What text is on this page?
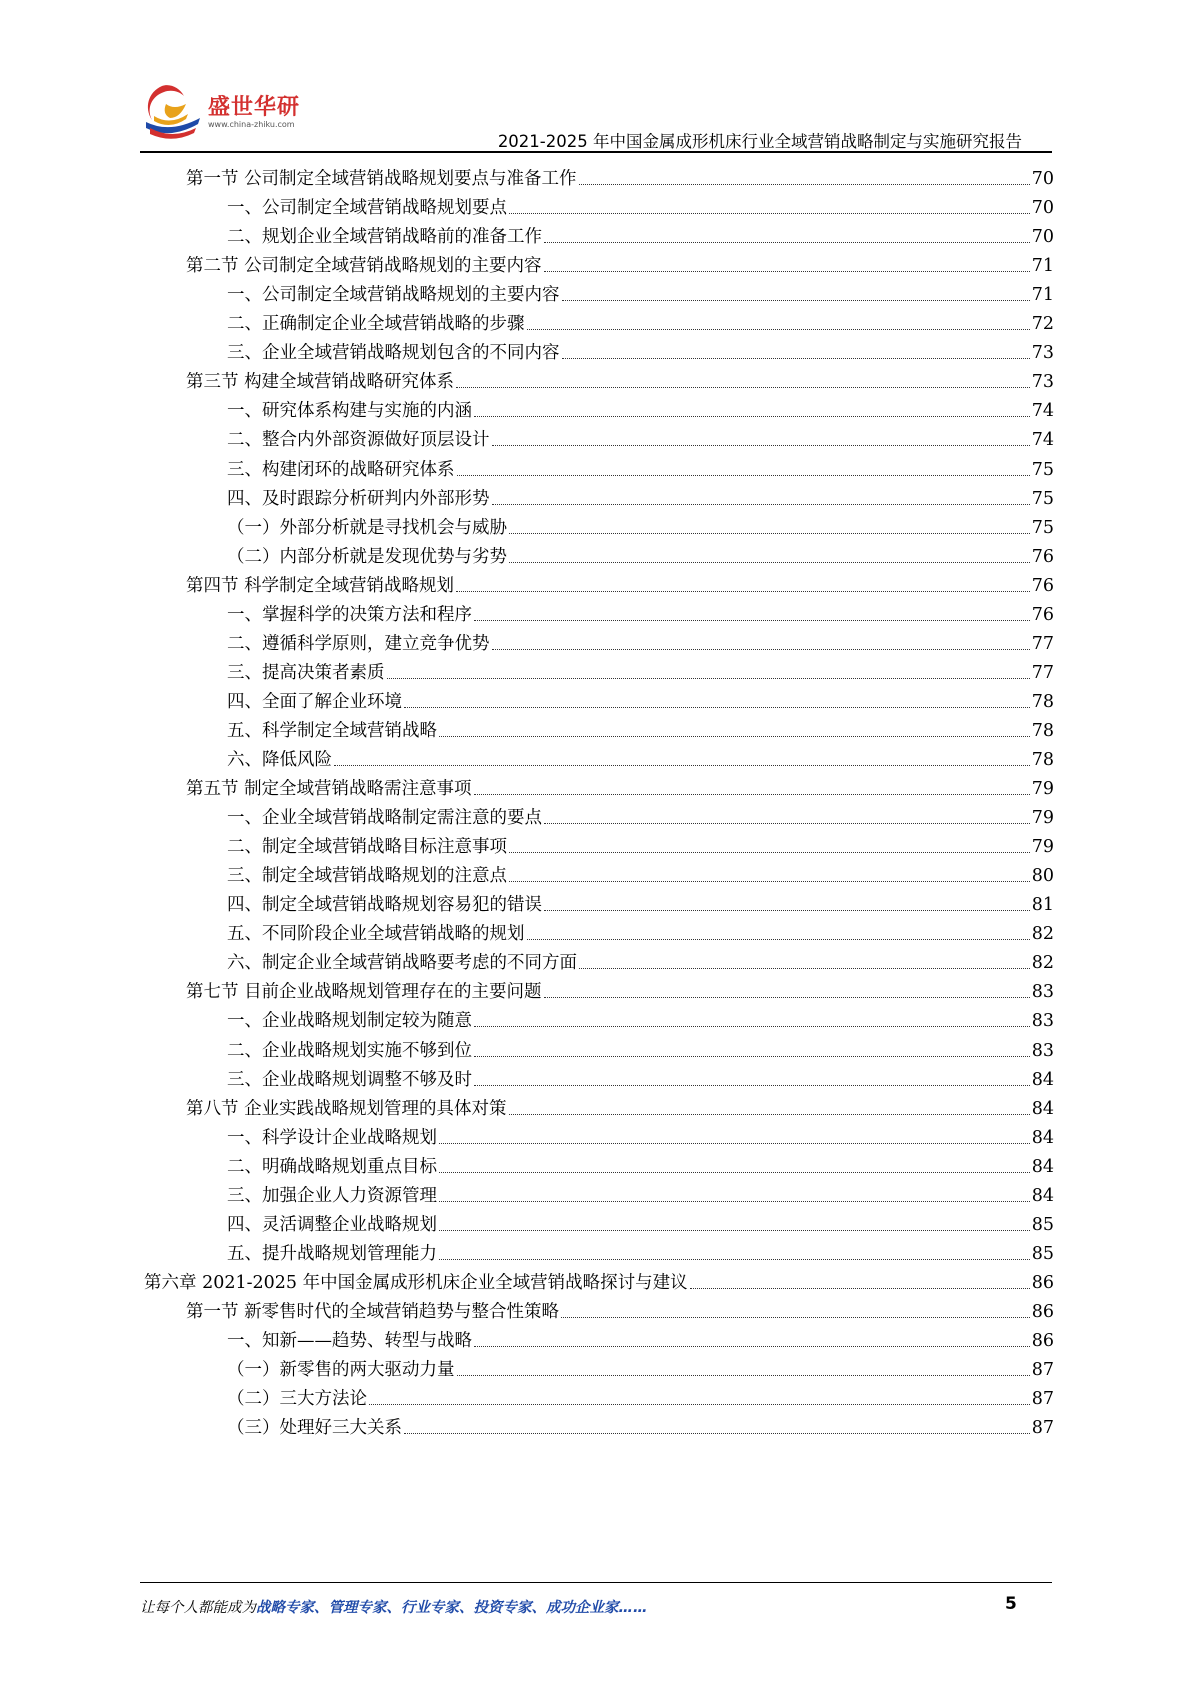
盛世华研
www.china-zhiku.com
2021-2025 年中国金属成形机床行业全域营销战略制定与实施研究报告
第一节 公司制定全域营销战略规划要点与准备工作	70
一、公司制定全域营销战略规划要点	70
二、规划企业全域营销战略前的准备工作	70
第二节 公司制定全域营销战略规划的主要内容	71
一、公司制定全域营销战略规划的主要内容	71
二、正确制定企业全域营销战略的步骤	72
三、企业全域营销战略规划包含的不同内容	73
第三节 构建全域营销战略研究体系	73
一、研究体系构建与实施的内涵	74
二、整合内外部资源做好顶层设计	74
三、构建闭环的战略研究体系	75
四、及时跟踪分析研判内外部形势	75
（一）外部分析就是寻找机会与威胁	75
（二）内部分析就是发现优势与劣势	76
第四节 科学制定全域营销战略规划	76
一、掌握科学的决策方法和程序	76
二、遵循科学原则，建立竞争优势	77
三、提高决策者素质	77
四、全面了解企业环境	78
五、科学制定全域营销战略	78
六、降低风险	78
第五节 制定全域营销战略需注意事项	79
一、企业全域营销战略制定需注意的要点	79
二、制定全域营销战略目标注意事项	79
三、制定全域营销战略规划的注意点	80
四、制定全域营销战略规划容易犯的错误	81
五、不同阶段企业全域营销战略的规划	82
六、制定企业全域营销战略要考虑的不同方面	82
第七节 目前企业战略规划管理存在的主要问题	83
一、企业战略规划制定较为随意	83
二、企业战略规划实施不够到位	83
三、企业战略规划调整不够及时	84
第八节 企业实践战略规划管理的具体对策	84
一、科学设计企业战略规划	84
二、明确战略规划重点目标	84
三、加强企业人力资源管理	84
四、灵活调整企业战略规划	85
五、提升战略规划管理能力	85
第六章 2021-2025 年中国金属成形机床企业全域营销战略探讨与建议	86
第一节 新零售时代的全域营销趋势与整合性策略	86
一、知新——趋势、转型与战略	86
（一）新零售的两大驱动力量	87
（二）三大方法论	87
（三）处理好三大关系	87
让每个人都能成为战略专家、管理专家、行业专家、投资专家、成功企业家……	5
